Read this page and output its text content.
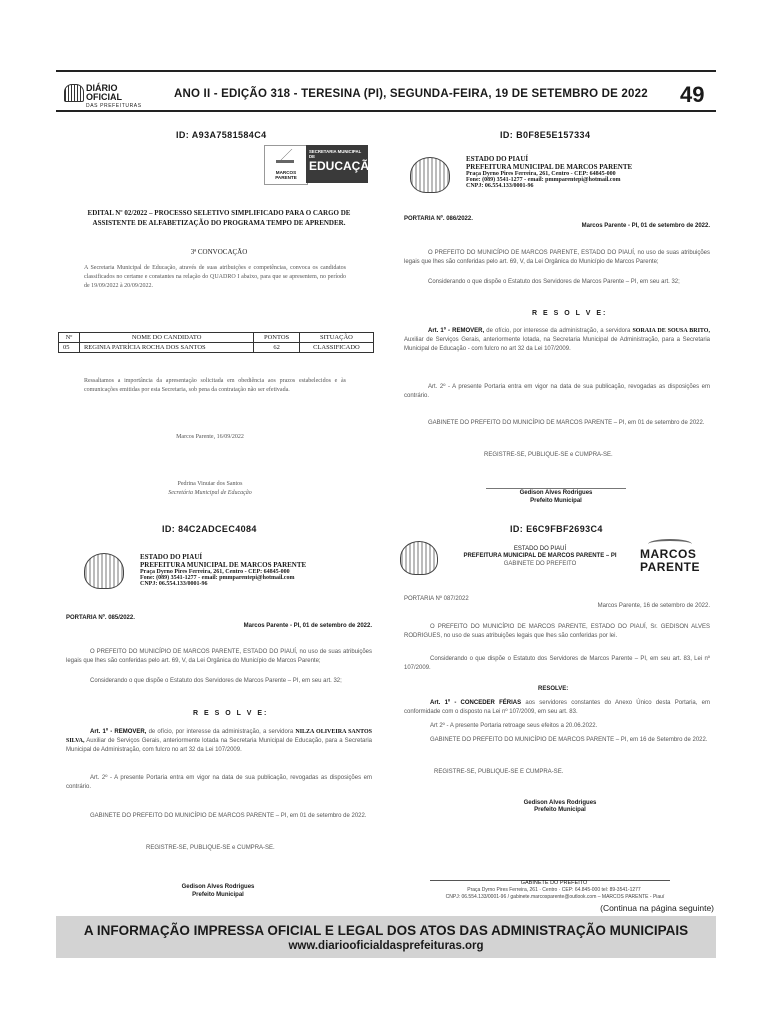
DIÁRIO OFICIAL
DAS PREFEITURAS
ANO II - EDIÇÃO 318 - TERESINA (PI), SEGUNDA-FEIRA, 19 DE SETEMBRO DE 2022 49
ID: A93A7581584C4
MARCOS PARENTE
SECRETARIA MUNICIPAL DE
EDUCAÇÃO
EDITAL Nº 02/2022 – PROCESSO SELETIVO SIMPLIFICADO PARA O CARGO DE ASSISTENTE DE ALFABETIZAÇÃO DO PROGRAMA TEMPO DE APRENDER.
3ª CONVOCAÇÃO
A Secretaria Municipal de Educação, através de suas atribuições e competências, convoca os candidatos classificados no certame e constantes na relação do QUADRO I abaixo, para que se apresentem, no período de 19/09/2022 à 20/09/2022.
Nº	NOME DO CANDIDATO	PONTOS	SITUAÇÃO
05	REGINIA PATRÍCIA ROCHA DOS SANTOS	62	CLASSIFICADO
Ressaltamos a importância da apresentação solicitada em obediência aos prazos estabelecidos e às comunicações emitidas por esta Secretaria, sob pena da contratação não ser efetivada.
Marcos Parente, 16/09/2022
Pedrina Vinuiar dos Santos
Secretária Municipal de Educação
ID: B0F8E5E157334
ESTADO DO PIAUÍ
PREFEITURA MUNICIPAL DE MARCOS PARENTE
Praça Dyrno Pires Ferreira, 261, Centro - CEP: 64845-000
Fone: (089) 3541-1277 - email: pmmparentepi@hotmail.com
CNPJ: 06.554.133/0001-96
PORTARIA Nº. 086/2022.
Marcos Parente - PI, 01 de setembro de 2022.
O PREFEITO DO MUNICÍPIO DE MARCOS PARENTE, ESTADO DO PIAUÍ, no uso de suas atribuições legais que lhes são conferidas pelo art. 69, V, da Lei Orgânica do Município de Marcos Parente;
Considerando o que dispõe o Estatuto dos Servidores de Marcos Parente – PI, em seu art. 32;
R E S O L V E:
Art. 1º - REMOVER, de ofício, por interesse da administração, a servidora SORAIA DE SOUSA BRITO, Auxiliar de Serviços Gerais, anteriormente lotada, na Secretaria Municipal de Administração, para a Secretaria Municipal de Educação - com fulcro no art 32 da Lei 107/2009.
Art. 2º - A presente Portaria entra em vigor na data de sua publicação, revogadas as disposições em contrário.
GABINETE DO PREFEITO DO MUNICÍPIO DE MARCOS PARENTE – PI, em 01 de setembro de 2022.
REGISTRE-SE, PUBLIQUE-SE e CUMPRA-SE.
Gedison Alves Rodrigues
Prefeito Municipal
ID: 84C2ADCEC4084
ESTADO DO PIAUÍ
PREFEITURA MUNICIPAL DE MARCOS PARENTE
Praça Dyrno Pires Ferreira, 261, Centro - CEP: 64845-000
Fone: (089) 3541-1277 - email: pmmparentepi@hotmail.com
CNPJ: 06.554.133/0001-96
PORTARIA Nº. 085/2022.
Marcos Parente - PI, 01 de setembro de 2022.
O PREFEITO DO MUNICÍPIO DE MARCOS PARENTE, ESTADO DO PIAUÍ, no uso de suas atribuições legais que lhes são conferidas pelo art. 69, V, da Lei Orgânica do Município de Marcos Parente;
Considerando o que dispõe o Estatuto dos Servidores de Marcos Parente – PI, em seu art. 32;
R E S O L V E:
Art. 1º - REMOVER, de ofício, por interesse da administração, a servidora NILZA OLIVEIRA SANTOS SILVA, Auxiliar de Serviços Gerais, anteriormente lotada na Secretaria Municipal de Educação, para a Secretaria Municipal de Administração, com fulcro no art 32 da Lei 107/2009.
Art. 2º - A presente Portaria entra em vigor na data de sua publicação, revogadas as disposições em contrário.
GABINETE DO PREFEITO DO MUNICÍPIO DE MARCOS PARENTE – PI, em 01 de setembro de 2022.
REGISTRE-SE, PUBLIQUE-SE e CUMPRA-SE.
Gedison Alves Rodrigues
Prefeito Municipal
ID: E6C9FBF2693C4
ESTADO DO PIAUÍ
PREFEITURA MUNICIPAL DE MARCOS PARENTE – PI
GABINETE DO PREFEITO
MARCOS
PARENTE
PORTARIA Nº 087/2022
Marcos Parente, 16 de setembro de 2022.
O PREFEITO DO MUNICÍPIO DE MARCOS PARENTE, ESTADO DO PIAUÍ, Sr. GEDISON ALVES RODRIGUES, no uso de suas atribuições legais que lhes são conferidas por lei.
Considerando o que dispõe o Estatuto dos Servidores de Marcos Parente – PI, em seu art. 83, Lei nº 107/2009.
RESOLVE:
Art. 1º - CONCEDER FÉRIAS aos servidores constantes do Anexo Único desta Portaria, em conformidade com o disposto na Lei nº 107/2009, em seu art. 83.
Art 2º - A presente Portaria retroage seus efeitos a 20.06.2022.
GABINETE DO PREFEITO DO MUNICÍPIO DE MARCOS PARENTE – PI, em 16 de Setembro de 2022.
REGISTRE-SE, PUBLIQUE-SE E CUMPRA-SE.
Gedison Alves Rodrigues
Prefeito Municipal
GABINETE DO PREFEITO
Praça Dyrno Pires Ferreira, 261 · Centro · CEP: 64.845-000 tel: 89-3541-1277
CNPJ: 06.554.133/0001-96 / gabinete.marcosparente@outlook.com – MARCOS PARENTE - Piauí
(Continua na página seguinte)
A INFORMAÇÃO IMPRESSA OFICIAL E LEGAL DOS ATOS DAS ADMINISTRAÇÃO MUNICIPAIS
www.diariooficialdasprefeituras.org
